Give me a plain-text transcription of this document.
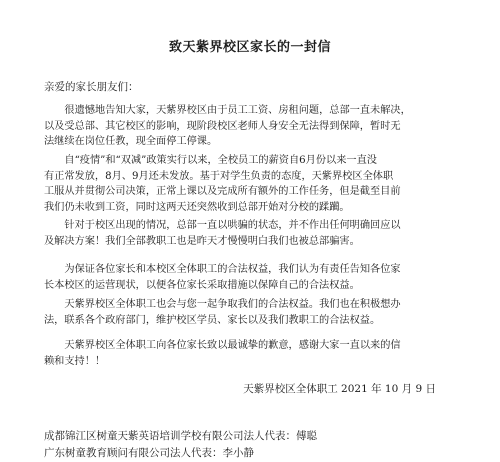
致天紫界校区家长的一封信
亲爱的家长朋友们：
很遗憾地告知大家，天紫界校区由于员工工资、房租问题，总部一直未解决，
以及受总部、其它校区的影响，现阶段校区老师人身安全无法得到保障，暂时无
法继续在岗位任教，现全面停工停课。
自“疫情”和“双减”政策实行以来，全校员工的薪资自6月份以来一直没
有正常发放，8月、9月还未发放。基于对学生负责的态度，天紫界校区全体职
工服从并贯彻公司决策，正常上课以及完成所有额外的工作任务，但是截至目前
我们仍未收到工资，同时这两天还突然收到总部开始对分校的蹂躏。
针对于校区出现的情况，总部一直以哄骗的状态，并不作出任何明确回应以
及解决方案！我们全部教职工也是昨天才慢慢明白我们也被总部骗害。
为保证各位家长和本校区全体职工的合法权益，我们认为有责任告知各位家
长本校区的运营现状，以便各位家长采取措施以保障自己的合法权益。
天紫界校区全体职工也会与您一起争取我们的合法权益。我们也在积极想办
法，联系各个政府部门，维护校区学员、家长以及我们教职工的合法权益。
天紫界校区全体职工向各位家长致以最诚挚的歉意，感谢大家一直以来的信
赖和支持！！
天紫界校区全体职工 2021 年 10 月 9 日
成都锦江区树童天紫英语培训学校有限公司法人代表：傅聪
广东树童教育顾问有限公司法人代表：李小静
